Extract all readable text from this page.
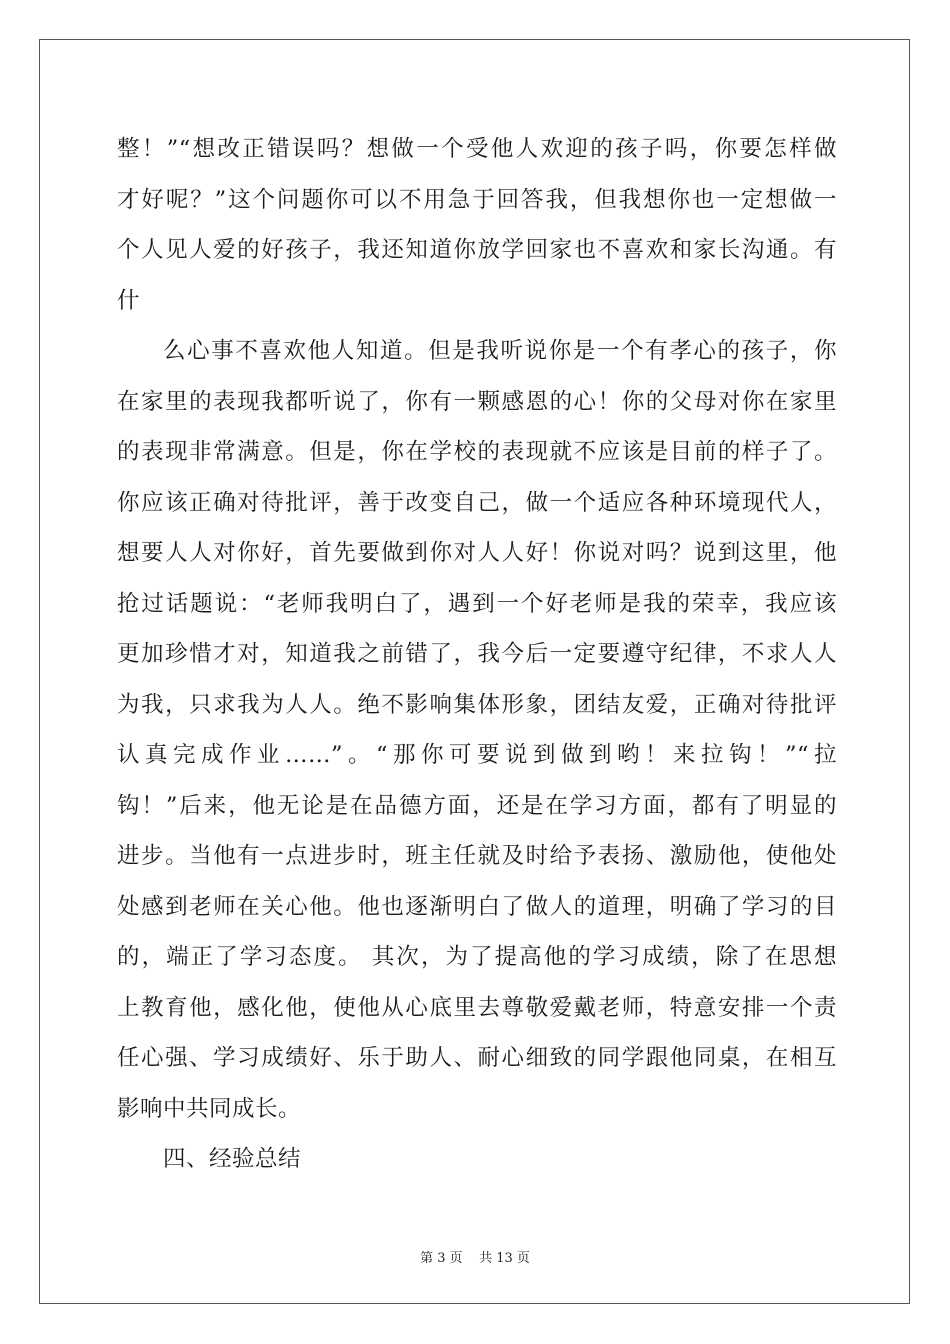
整！”“想改正错误吗？想做一个受他人欢迎的孩子吗，你要怎样做
才好呢？”这个问题你可以不用急于回答我，但我想你也一定想做一
个人见人爱的好孩子，我还知道你放学回家也不喜欢和家长沟通。有
什
么心事不喜欢他人知道。但是我听说你是一个有孝心的孩子，你
在家里的表现我都听说了，你有一颗感恩的心！你的父母对你在家里
的表现非常满意。但是，你在学校的表现就不应该是目前的样子了。
你应该正确对待批评，善于改变自己，做一个适应各种环境现代人，
想要人人对你好，首先要做到你对人人好！你说对吗？说到这里，他
抢过话题说：“老师我明白了，遇到一个好老师是我的荣幸，我应该
更加珍惜才对，知道我之前错了，我今后一定要遵守纪律，不求人人
为我，只求我为人人。绝不影响集体形象，团结友爱，正确对待批评
认真完成作业……”。“那你可要说到做到哟！来拉钩！”“拉
钩！”后来，他无论是在品德方面，还是在学习方面，都有了明显的
进步。当他有一点进步时，班主任就及时给予表扬、激励他，使他处
处感到老师在关心他。他也逐渐明白了做人的道理，明确了学习的目
的，端正了学习态度。 其次，为了提高他的学习成绩，除了在思想
上教育他，感化他，使他从心底里去尊敬爱戴老师，特意安排一个责
任心强、学习成绩好、乐于助人、耐心细致的同学跟他同桌，在相互
影响中共同成长。
四、经验总结
第 3 页    共 13 页
